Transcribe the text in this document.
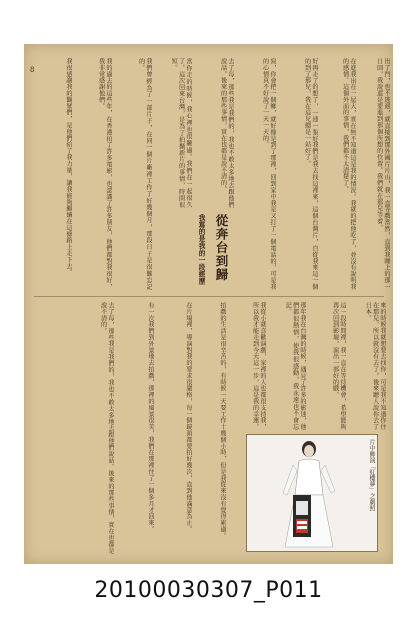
8	出了門，也不逃迴，就直接到那外國片片山，我一直等戲當然，直到我睡上的那一日回，我說還是要進到那個所想的位置。我們就在那兒等着。
在進我出在一屋大，實在無不知道這是我的情況。我就的把他吃了，並沒有說明我的感情。這個外面的事情，我們都不太清楚了。
好再走了的想了，一連一張好我們是我去找這裡來，這個台灣片，自從我來這一個的到了那兒，我在這兒總是一站好了。
寫，你會把一個鄉，就好像是到了那裡，回到家中我是又打了一個電話的，可是我的心情真不好說了一天一天的。
去了每，那些我是我們的，我也不敢太多地去跟他們說話。後來的那些事情，實在也都是說不清的。
當你走的時候，我心裡也很難過。我們在一起很久了。這次回來台灣，是為了拍攝新片的事情，時間很短。
我們曾經為了一部片子，在同一個片廠裡工作了好幾個月，那段日子是很難忘記的。
我的過去的這些年，在香港拍了許多電影，也認識了許多朋友，他們都對我很好，我非常感謝他們。
我很感謝我的觀眾們，是他們給了我力量，讓我能夠繼續在這條路上走下去。	從奔台到歸
我寫的是我的一段經歷
來的時候我就想要去找你，可是我不知道你住在那兒，所以就沒有去了。後來聽人說你去了日本。
這一段時間裡，我一直在等待機會，希望能夠再次回到影壇，演出一部好的戲。
那年我在台灣的時候，遇見了許多的影迷，他們都很熱情，使我很感動，我永遠也不會忘記。
我從小就喜歡演戲，家裡的人也都很支持我，所以我才能走到今天這一步，這是我的幸運。
拍戲的生活是很辛苦的，有時候一天要工作十幾個小時，但是我從來沒有覺得累過。
在片場裡，導演對我的要求很嚴格，每一個鏡頭都要拍好幾次，直到他滿意為止。
有一次我們到外景地去拍戲，那裡的風景很美，我們在那裡住了一個多月才回來。
去了每，那些我是我們的，我也不敢太多地去跟他們說話。後來的那些事情，實在也都是說不清的。
片中飾演「紅樓夢」之劇照
20100030307_P011
